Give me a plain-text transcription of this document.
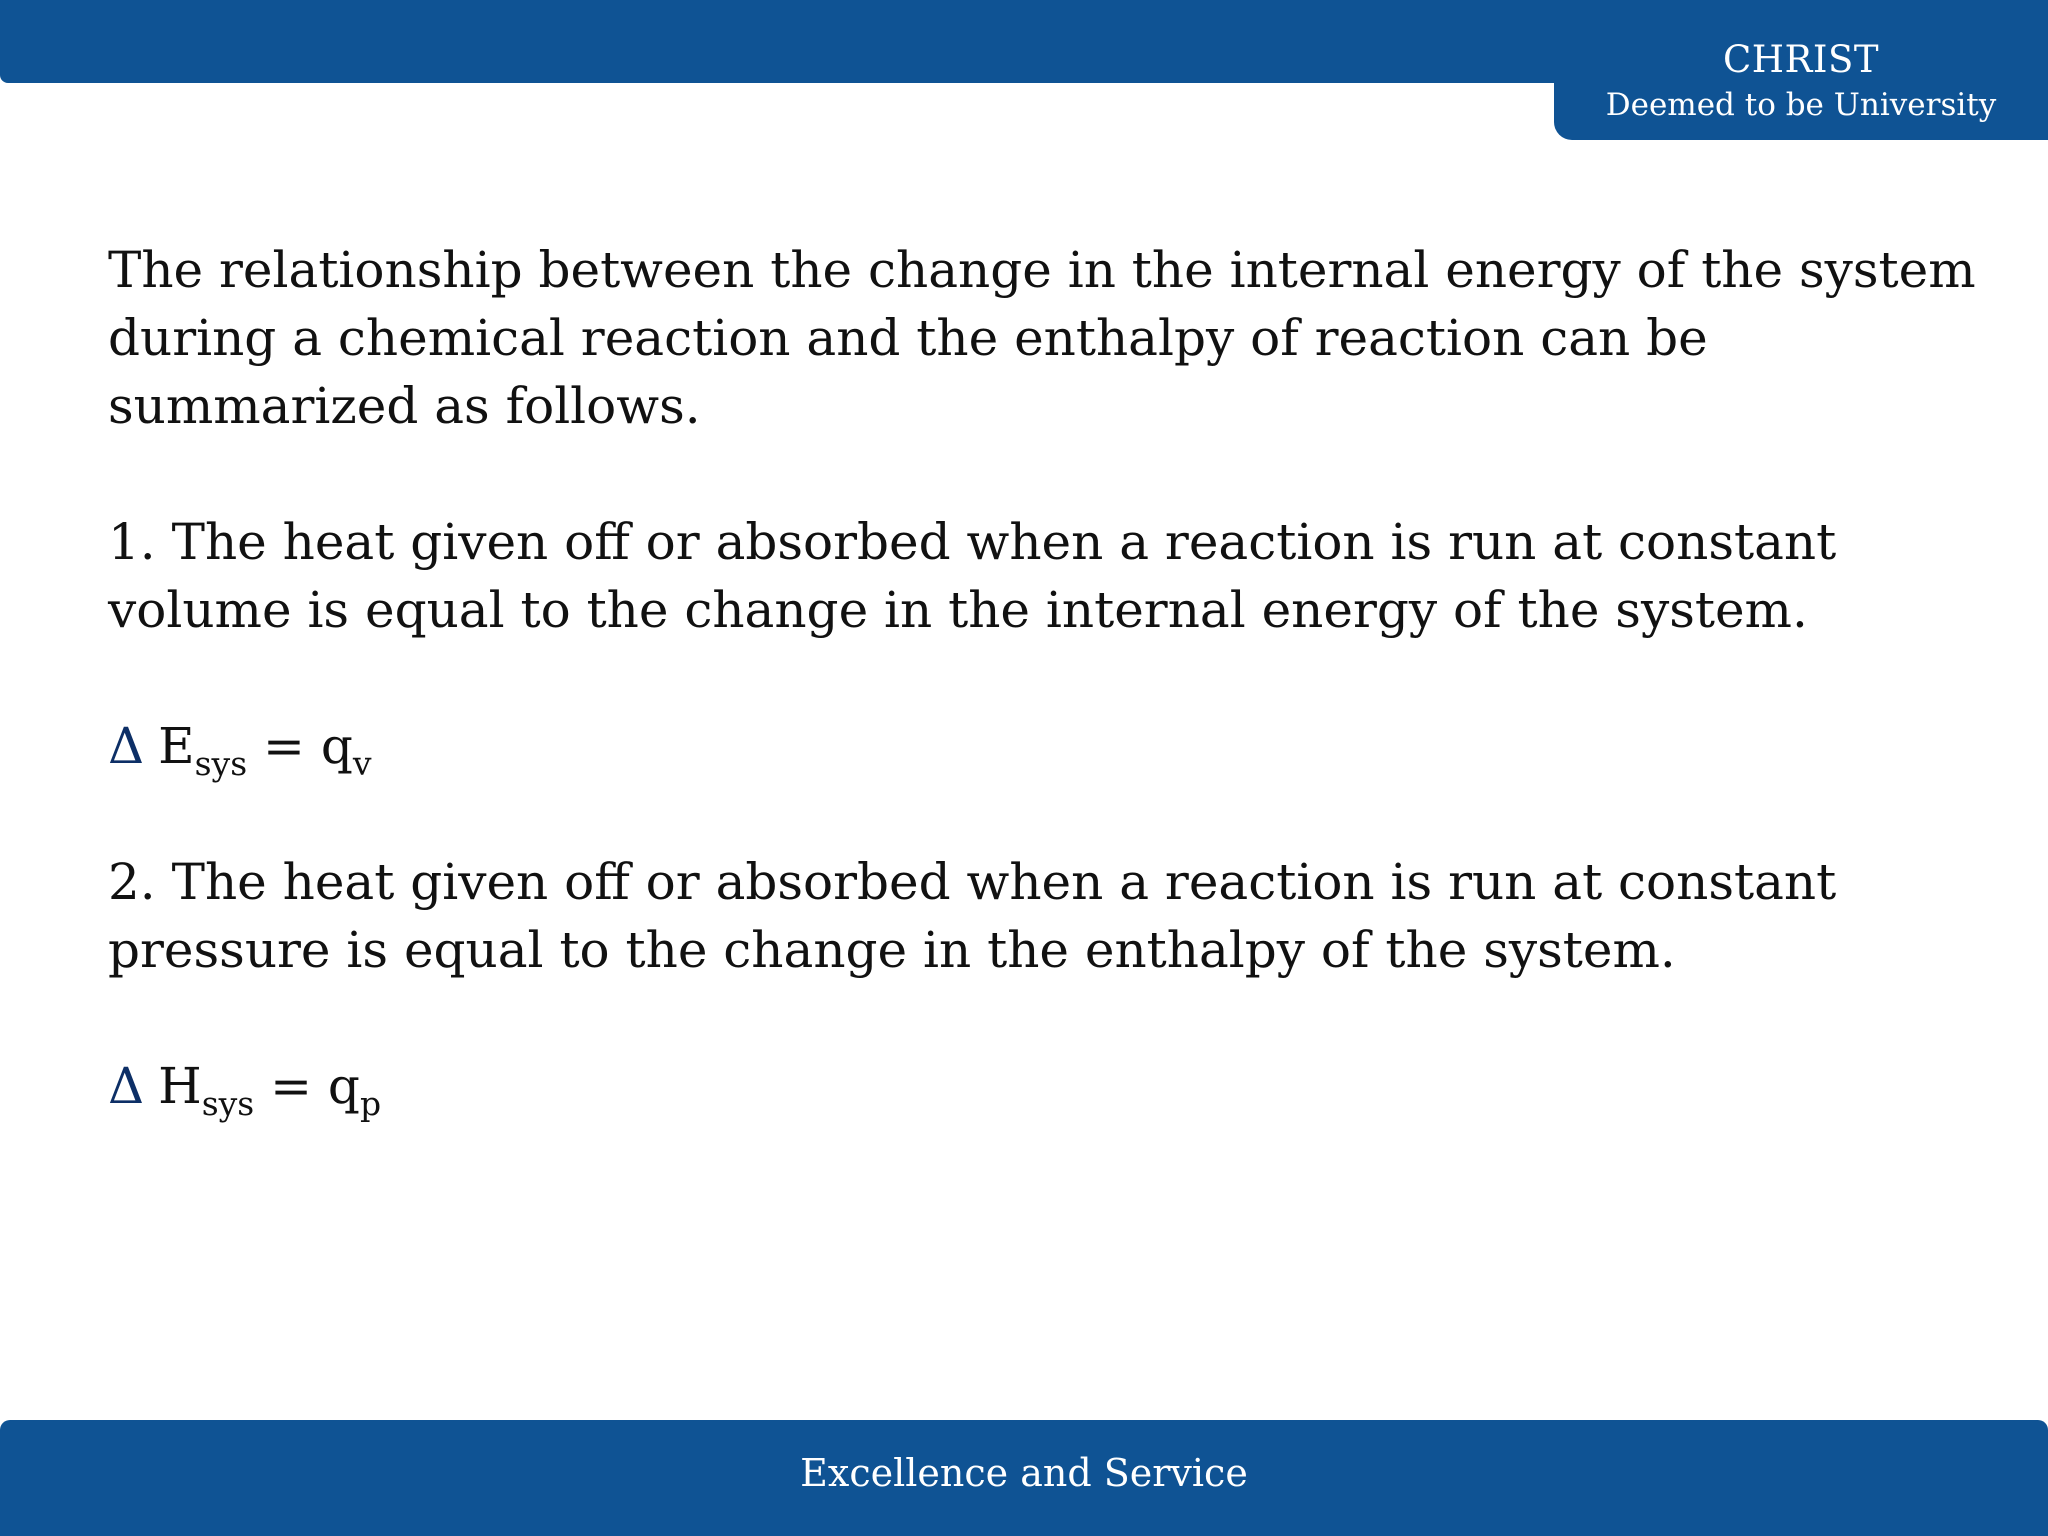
CHRIST
Deemed to be University

The relationship between the change in the internal energy of the system during a chemical reaction and the enthalpy of reaction can be summarized as follows.

1. The heat given off or absorbed when a reaction is run at constant volume is equal to the change in the internal energy of the system.

Δ $E_{sys} = q_v$

2. The heat given off or absorbed when a reaction is run at constant pressure is equal to the change in the enthalpy of the system.

Δ $H_{sys} = q_p$

Excellence and Service
